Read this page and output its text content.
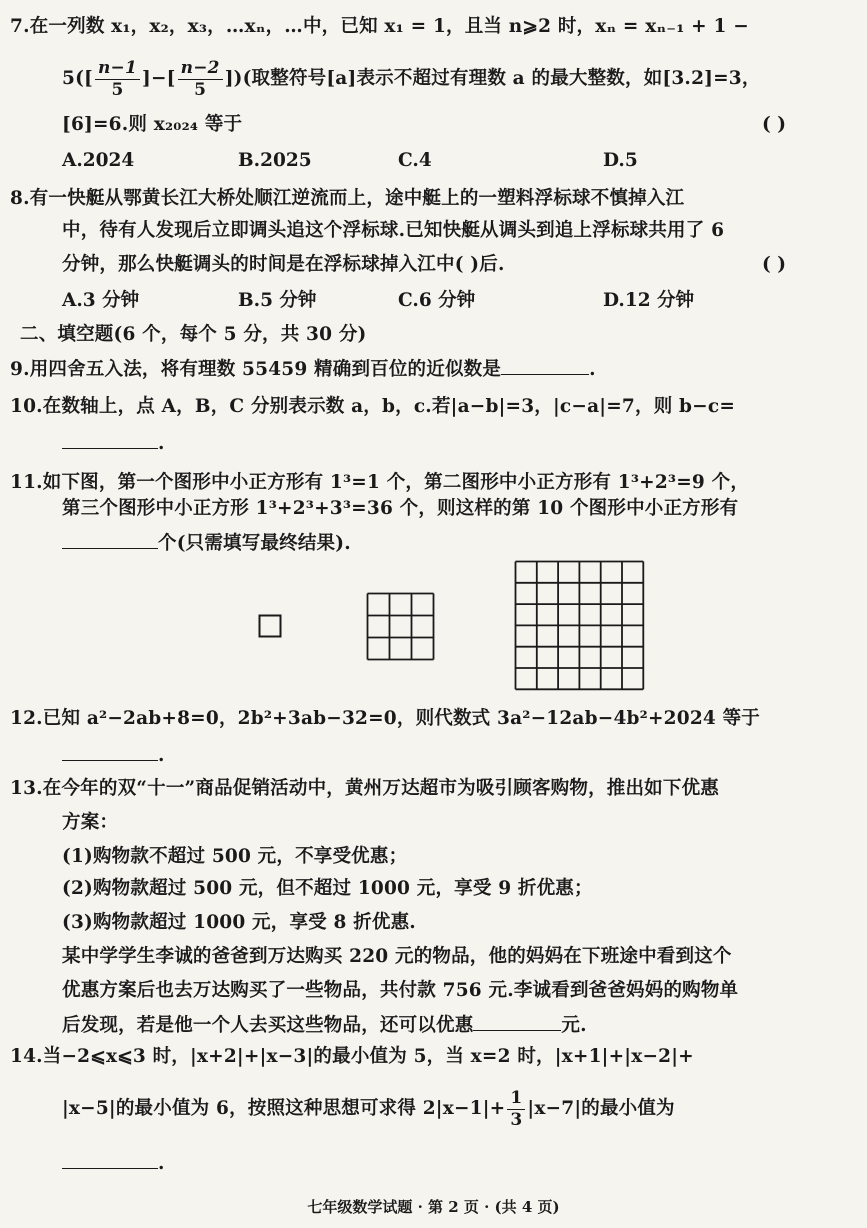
7.在一列数 x₁，x₂，x₃，…xₙ，…中，已知 x₁ = 1，且当 n⩾2 时，xₙ = xₙ₋₁ + 1 −
$5([ \frac{n-1}{5}$ ]−[ $\frac{n-2}{5}$ ])(取整符号[a]表示不超过有理数 a 的最大整数，如[3.2]=3，
[6]=6.则 x₂₀₂₄ 等于	( )
A.2024	B.2025	C.4	D.5
8.有一快艇从鄂黄长江大桥处顺江逆流而上，途中艇上的一塑料浮标球不慎掉入江
中，待有人发现后立即调头追这个浮标球.已知快艇从调头到追上浮标球共用了 6
分钟，那么快艇调头的时间是在浮标球掉入江中( )后.	( )
A.3 分钟	B.5 分钟	C.6 分钟	D.12 分钟
二、填空题(6 个，每个 5 分，共 30 分)
9.用四舍五入法，将有理数 55459 精确到百位的近似数是	.
10.在数轴上，点 A，B，C 分别表示数 a，b，c.若|a−b|=3，|c−a|=7，则 b−c=
.
11.如下图，第一个图形中小正方形有 1³=1 个，第二图形中小正方形有 1³+2³=9 个，
第三个图形中小正方形 1³+2³+3³=36 个，则这样的第 10 个图形中小正方形有
个(只需填写最终结果).
12.已知 a²−2ab+8=0，2b²+3ab−32=0，则代数式 3a²−12ab−4b²+2024 等于
.
13.在今年的双“十一”商品促销活动中，黄州万达超市为吸引顾客购物，推出如下优惠
方案：
(1)购物款不超过 500 元，不享受优惠；
(2)购物款超过 500 元，但不超过 1000 元，享受 9 折优惠；
(3)购物款超过 1000 元，享受 8 折优惠.
某中学学生李诚的爸爸到万达购买 220 元的物品，他的妈妈在下班途中看到这个
优惠方案后也去万达购买了一些物品，共付款 756 元.李诚看到爸爸妈妈的购物单
后发现，若是他一个人去买这些物品，还可以优惠	元.
14.当−2⩽x⩽3 时，|x+2|+|x−3|的最小值为 5，当 x=2 时，|x+1|+|x−2|+
|x−5|的最小值为 6，按照这种思想可求得 $2|x-1|+ \frac{1}{3} |x-7|$的最小值为
.
七年级数学试题 · 第 2 页 · (共 4 页)
